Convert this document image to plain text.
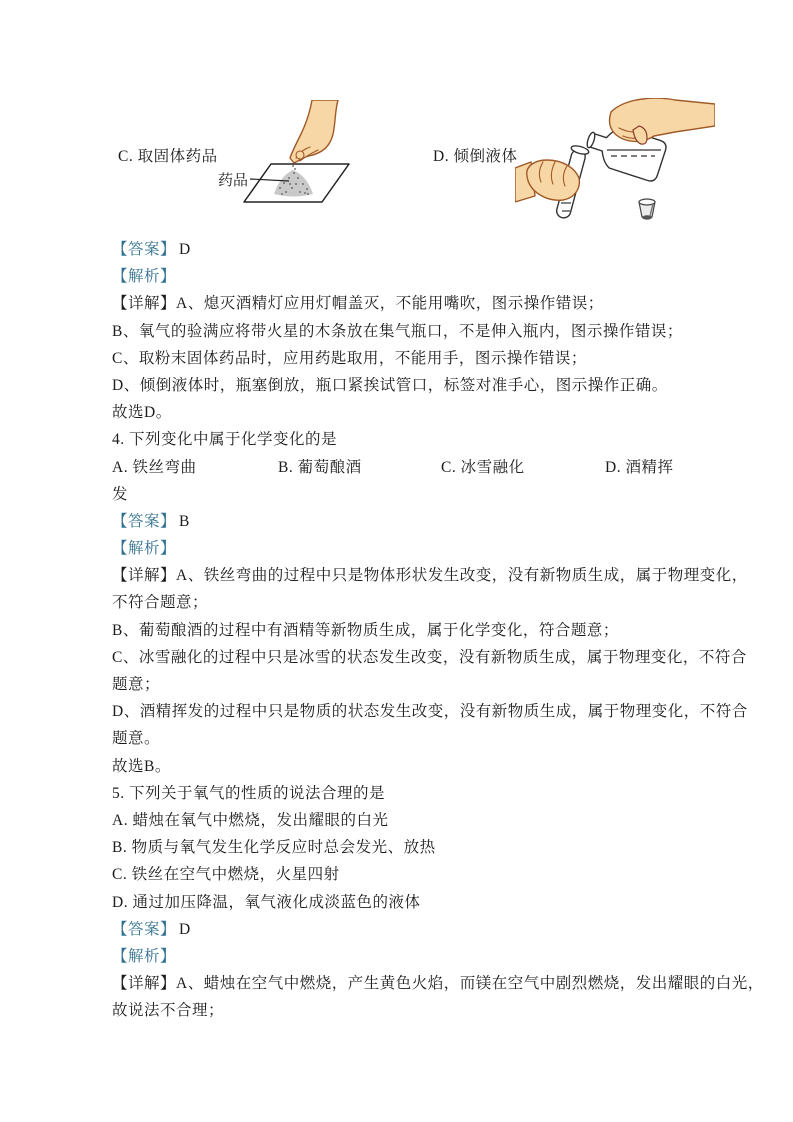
C. 取固体药品
药品
D. 倾倒液体
【答案】 D
【解析】
【详解】A、熄灭酒精灯应用灯帽盖灭，不能用嘴吹，图示操作错误；
B、氧气的验满应将带火星的木条放在集气瓶口，不是伸入瓶内，图示操作错误；
C、取粉末固体药品时，应用药匙取用，不能用手，图示操作错误；
D、倾倒液体时，瓶塞倒放，瓶口紧挨试管口，标签对准手心，图示操作正确。
故选D。
4. 下列变化中属于化学变化的是
A. 铁丝弯曲	B. 葡萄酿酒	C. 冰雪融化	D. 酒精挥
发
【答案】 B
【解析】
【详解】A、铁丝弯曲的过程中只是物体形状发生改变，没有新物质生成，属于物理变化，
不符合题意；
B、葡萄酿酒的过程中有酒精等新物质生成，属于化学变化，符合题意；
C、冰雪融化的过程中只是冰雪的状态发生改变，没有新物质生成，属于物理变化，不符合
题意；
D、酒精挥发的过程中只是物质的状态发生改变，没有新物质生成，属于物理变化，不符合
题意。
故选B。
5. 下列关于氧气的性质的说法合理的是
A. 蜡烛在氧气中燃烧，发出耀眼的白光
B. 物质与氧气发生化学反应时总会发光、放热
C. 铁丝在空气中燃烧，火星四射
D. 通过加压降温，氧气液化成淡蓝色的液体
【答案】 D
【解析】
【详解】A、蜡烛在空气中燃烧，产生黄色火焰，而镁在空气中剧烈燃烧，发出耀眼的白光，
故说法不合理；
